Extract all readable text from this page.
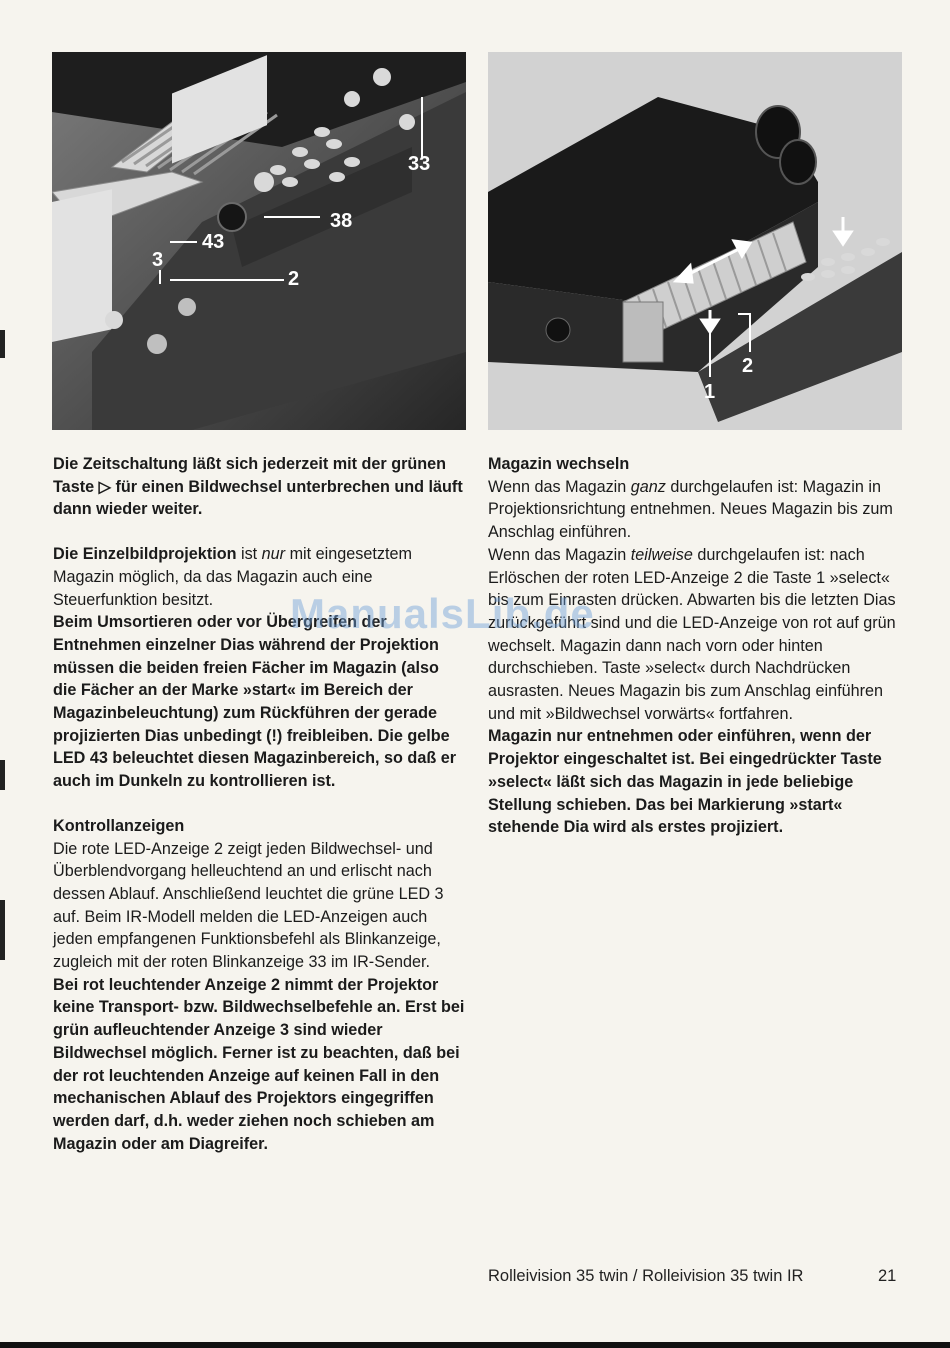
33
38
43
3
2
2
1

Die Zeitschaltung läßt sich jederzeit mit der grünen Taste ▷ für einen Bildwechsel unterbrechen und läuft dann wieder weiter.

Die Einzelbildprojektion ist nur mit eingesetztem Magazin möglich, da das Magazin auch eine Steuerfunktion besitzt.

Beim Umsortieren oder vor Übergreifen der Entnehmen einzelner Dias während der Projektion müssen die beiden freien Fächer im Magazin (also die Fächer an der Marke »start« im Bereich der Magazinbeleuchtung) zum Rückführen der gerade projizierten Dias unbedingt (!) freibleiben. Die gelbe LED 43 beleuchtet diesen Magazinbereich, so daß er auch im Dunkeln zu kontrollieren ist.

Kontrollanzeigen

Die rote LED-Anzeige 2 zeigt jeden Bildwechsel- und Überblendvorgang helleuchtend an und erlischt nach dessen Ablauf. Anschließend leuchtet die grüne LED 3 auf. Beim IR-Modell melden die LED-Anzeigen auch jeden empfangenen Funktionsbefehl als Blinkanzeige, zugleich mit der roten Blinkanzeige 33 im IR-Sender.

Bei rot leuchtender Anzeige 2 nimmt der Projektor keine Transport- bzw. Bildwechselbefehle an. Erst bei grün aufleuchtender Anzeige 3 sind wieder Bildwechsel möglich. Ferner ist zu beachten, daß bei der rot leuchtenden Anzeige auf keinen Fall in den mechanischen Ablauf des Projektors eingegriffen werden darf, d.h. weder ziehen noch schieben am Magazin oder am Diagreifer.

Magazin wechseln

Wenn das Magazin ganz durchgelaufen ist: Magazin in Projektionsrichtung entnehmen. Neues Magazin bis zum Anschlag einführen.

Wenn das Magazin teilweise durchgelaufen ist: nach Erlöschen der roten LED-Anzeige 2 die Taste 1 »select« bis zum Einrasten drücken. Abwarten bis die letzten Dias zurückgeführt sind und die LED-Anzeige von rot auf grün wechselt. Magazin dann nach vorn oder hinten durchschieben. Taste »select« durch Nachdrücken ausrasten. Neues Magazin bis zum Anschlag einführen und mit »Bildwechsel vorwärts« fortfahren.

Magazin nur entnehmen oder einführen, wenn der Projektor eingeschaltet ist. Bei eingedrückter Taste »select« läßt sich das Magazin in jede beliebige Stellung schieben. Das bei Markierung »start« stehende Dia wird als erstes projiziert.

ManualsLib.de
Rolleivision 35 twin / Rolleivision 35 twin IR	21
